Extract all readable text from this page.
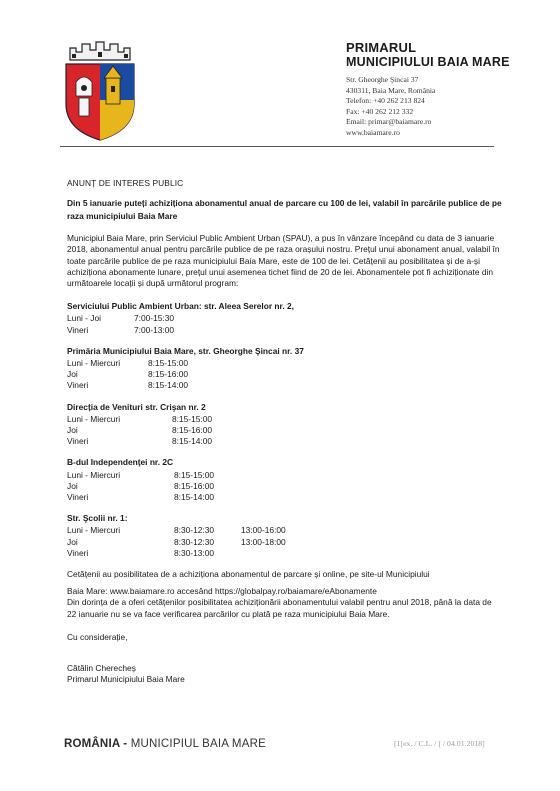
PRIMARUL
MUNICIPIULUI BAIA MARE
Str. Gheorghe Şincai 37
430311, Baia Mare, România
Telefon: +40 262 213 824
Fax: +40 262 212 332
Email: primar@baiamare.ro
www.baiamare.ro
ANUNȚ DE INTERES PUBLIC
Din 5 ianuarie puteți achiziționa abonamentul anual de parcare cu 100 de lei, valabil în parcările publice de pe raza municipiului Baia Mare
Municipiul Baia Mare, prin Serviciul Public Ambient Urban (SPAU), a pus în vânzare începând cu data de 3 ianuarie 2018, abonamentul anual pentru parcările publice de pe raza orașului nostru. Prețul unui abonament anual, valabil în toate parcările publice de pe raza municipiului Baia Mare, este de 100 de lei. Cetățenii au posibilitatea și de a-și achiziționa abonamente lunare, prețul unui asemenea tichet fiind de 20 de lei. Abonamentele pot fi achiziționate din următoarele locații și după următorul program:
Serviciului Public Ambient Urban: str. Aleea Serelor nr. 2,
Luni - Joi	7:00-15:30
Vineri	7:00-13:00
Primăria Municipiului Baia Mare, str. Gheorghe Şincai nr. 37
Luni - Miercuri	8:15-15:00
Joi	8:15-16:00
Vineri	8:15-14:00
Direcția de Venituri str. Crişan nr. 2
Luni - Miercuri	8:15-15:00
Joi	8:15-16:00
Vineri	8:15-14:00
B-dul Independenţei nr. 2C
Luni - Miercuri	8:15-15:00
Joi	8:15-16:00
Vineri	8:15-14:00
Str. Şcolii nr. 1:
Luni - Miercuri	8:30-12:30	13:00-16:00
Joi	8:30-12:30	13:00-18:00
Vineri	8:30-13:00
Cetățenii au posibilitatea de a achiziționa abonamentul de parcare și online, pe site-ul Municipiului
Baia Mare: www.baiamare.ro accesând https://globalpay.ro/baiamare/eAbonamente
Din dorința de a oferi cetățenilor posibilitatea achiziționării abonamentului valabil pentru anul 2018, până la data de 22 ianuarie nu se va face verificarea parcărilor cu plată pe raza municipiului Baia Mare.
Cu considerație,
Cătălin Cherecheș
Primarul Municipiului Baia Mare
ROMÂNIA - MUNICIPIUL BAIA MARE	[1[ex. / C.L. / [ / 04.01.2018]
